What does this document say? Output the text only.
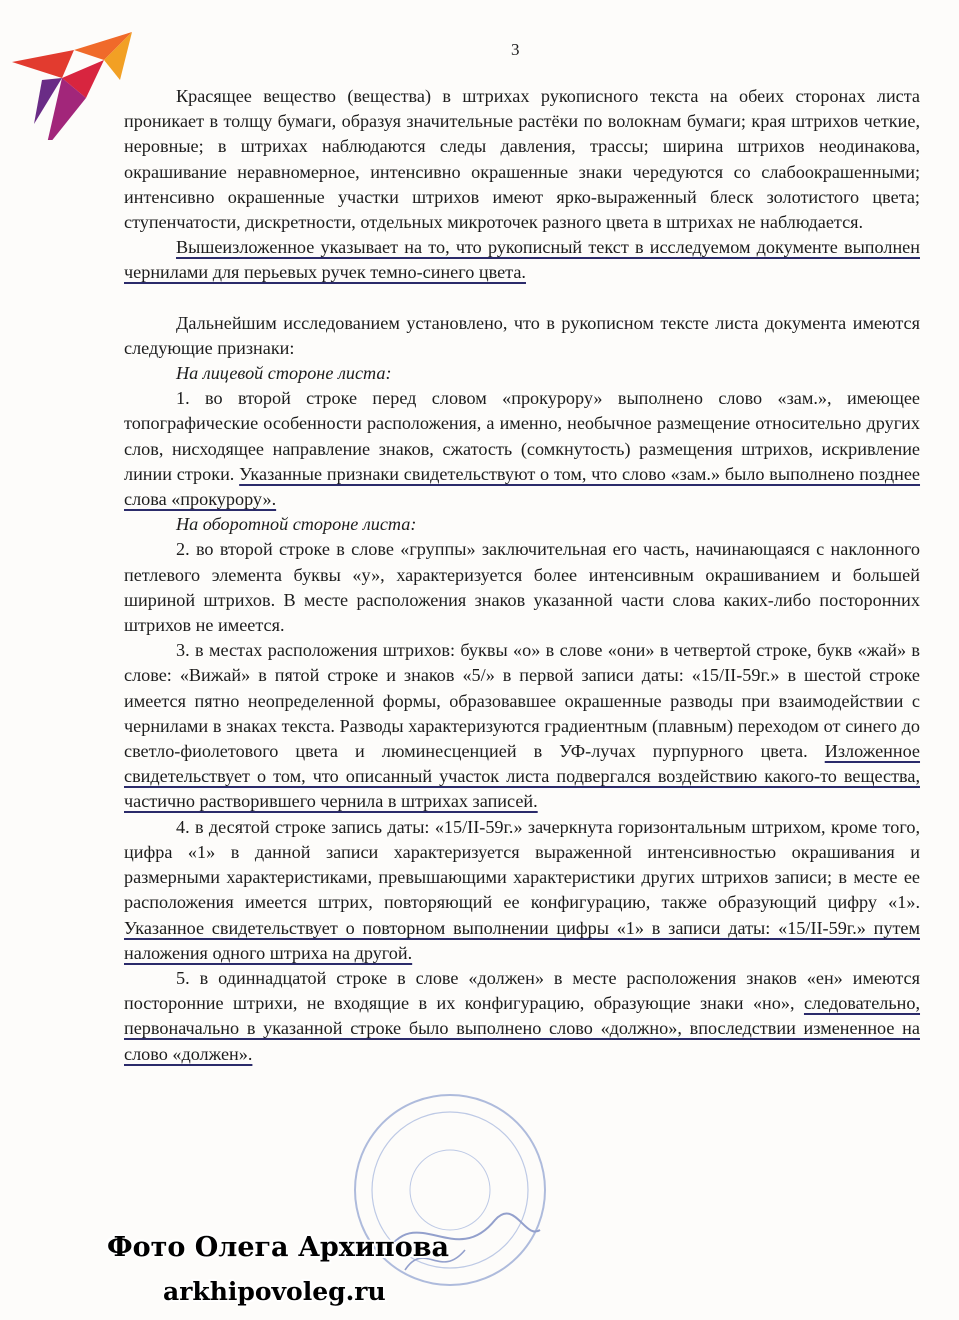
3

Красящее вещество (вещества) в штрихах рукописного текста на обеих сторонах листа проникает в толщу бумаги, образуя значительные растёки по волокнам бумаги; края штрихов четкие, неровные; в штрихах наблюдаются следы давления, трассы; ширина штрихов неодинакова, окрашивание неравномерное, интенсивно окрашенные знаки чередуются со слабоокрашенными; интенсивно окрашенные участки штрихов имеют ярко-выраженный блеск золотистого цвета; ступенчатости, дискретности, отдельных микроточек разного цвета в штрихах не наблюдается.

Вышеизложенное указывает на то, что рукописный текст в исследуемом документе выполнен чернилами для перьевых ручек темно-синего цвета.

Дальнейшим исследованием установлено, что в рукописном тексте листа документа имеются следующие признаки:

На лицевой стороне листа:

1. во второй строке перед словом «прокурору» выполнено слово «зам.», имеющее топографические особенности расположения, а именно, необычное размещение относительно других слов, нисходящее направление знаков, сжатость (сомкнутость) размещения штрихов, искривление линии строки. Указанные признаки свидетельствуют о том, что слово «зам.» было выполнено позднее слова «прокурору».

На оборотной стороне листа:

2. во второй строке в слове «группы» заключительная его часть, начинающаяся с наклонного петлевого элемента буквы «у», характеризуется более интенсивным окрашиванием и большей шириной штрихов. В месте расположения знаков указанной части слова каких-либо посторонних штрихов не имеется.

3. в местах расположения штрихов: буквы «о» в слове «они» в четвертой строке, букв «жай» в слове: «Вижай» в пятой строке и знаков «5/» в первой записи даты: «15/II-59г.» в шестой строке имеется пятно неопределенной формы, образовавшее окрашенные разводы при взаимодействии с чернилами в знаках текста. Разводы характеризуются градиентным (плавным) переходом от синего до светло-фиолетового цвета и люминесценцией в УФ-лучах пурпурного цвета. Изложенное свидетельствует о том, что описанный участок листа подвергался воздействию какого-то вещества, частично растворившего чернила в штрихах записей.

4. в десятой строке запись даты: «15/II-59г.» зачеркнута горизонтальным штрихом, кроме того, цифра «1» в данной записи характеризуется выраженной интенсивностью окрашивания и размерными характеристиками, превышающими характеристики других штрихов записи; в месте ее расположения имеется штрих, повторяющий ее конфигурацию, также образующий цифру «1». Указанное свидетельствует о повторном выполнении цифры «1» в записи даты: «15/II-59г.» путем наложения одного штриха на другой.

5. в одиннадцатой строке в слове «должен» в месте расположения знаков «ен» имеются посторонние штрихи, не входящие в их конфигурацию, образующие знаки «но», следовательно, первоначально в указанной строке было выполнено слово «должно», впоследствии измененное на слово «должен».

Фото Олега Архипова
arkhipovoleg.ru
